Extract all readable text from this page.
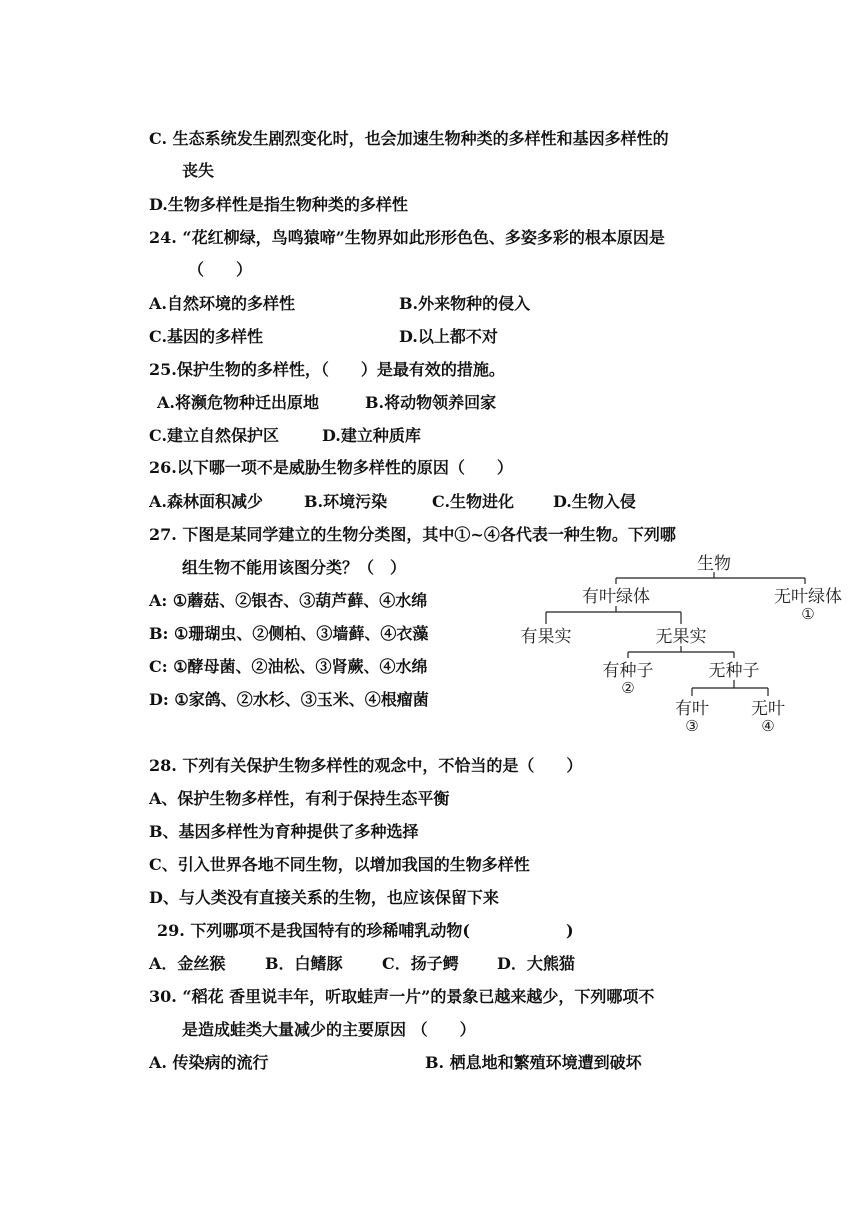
C. 生态系统发生剧烈变化时，也会加速生物种类的多样性和基因多样性的
丧失
D.生物多样性是指生物种类的多样性
24. “花红柳绿，鸟鸣猿啼”生物界如此形形色色、多姿多彩的根本原因是
（　　）
A.自然环境的多样性	B.外来物种的侵入
C.基因的多样性	D.以上都不对
25.保护生物的多样性，（　　）是最有效的措施。
A.将濒危物种迁出原地	B.将动物领养回家
C.建立自然保护区	D.建立种质库
26.以下哪一项不是威胁生物多样性的原因（　　）
A.森林面积减少	B.环境污染	C.生物进化 D.生物入侵
27. 下图是某同学建立的生物分类图，其中①~④各代表一种生物。下列哪
组生物不能用该图分类？（　）
A: ①蘑菇、②银杏、③葫芦藓、④水绵
B: ①珊瑚虫、②侧柏、③墙藓、④衣藻
C: ①酵母菌、②油松、③肾蕨、④水绵
D: ①家鸽、②水杉、③玉米、④根瘤菌
生物
有叶绿体	无叶绿体
①
有果实	无果实
有种子
②
无种子
有叶
③
无叶
④
28. 下列有关保护生物多样性的观念中，不恰当的是（　　）
A、保护生物多样性，有利于保持生态平衡
B、基因多样性为育种提供了多种选择
C、引入世界各地不同生物，以增加我国的生物多样性
D、与人类没有直接关系的生物，也应该保留下来
29. 下列哪项不是我国特有的珍稀哺乳动物(	)
A．金丝猴 B．白鳍豚 C．扬子鳄 D．大熊猫
30. “稻花 香里说丰年，听取蛙声一片”的景象已越来越少，下列哪项不
是造成蛙类大量减少的主要原因 （　　）
A. 传染病的流行	B. 栖息地和繁殖环境遭到破坏
